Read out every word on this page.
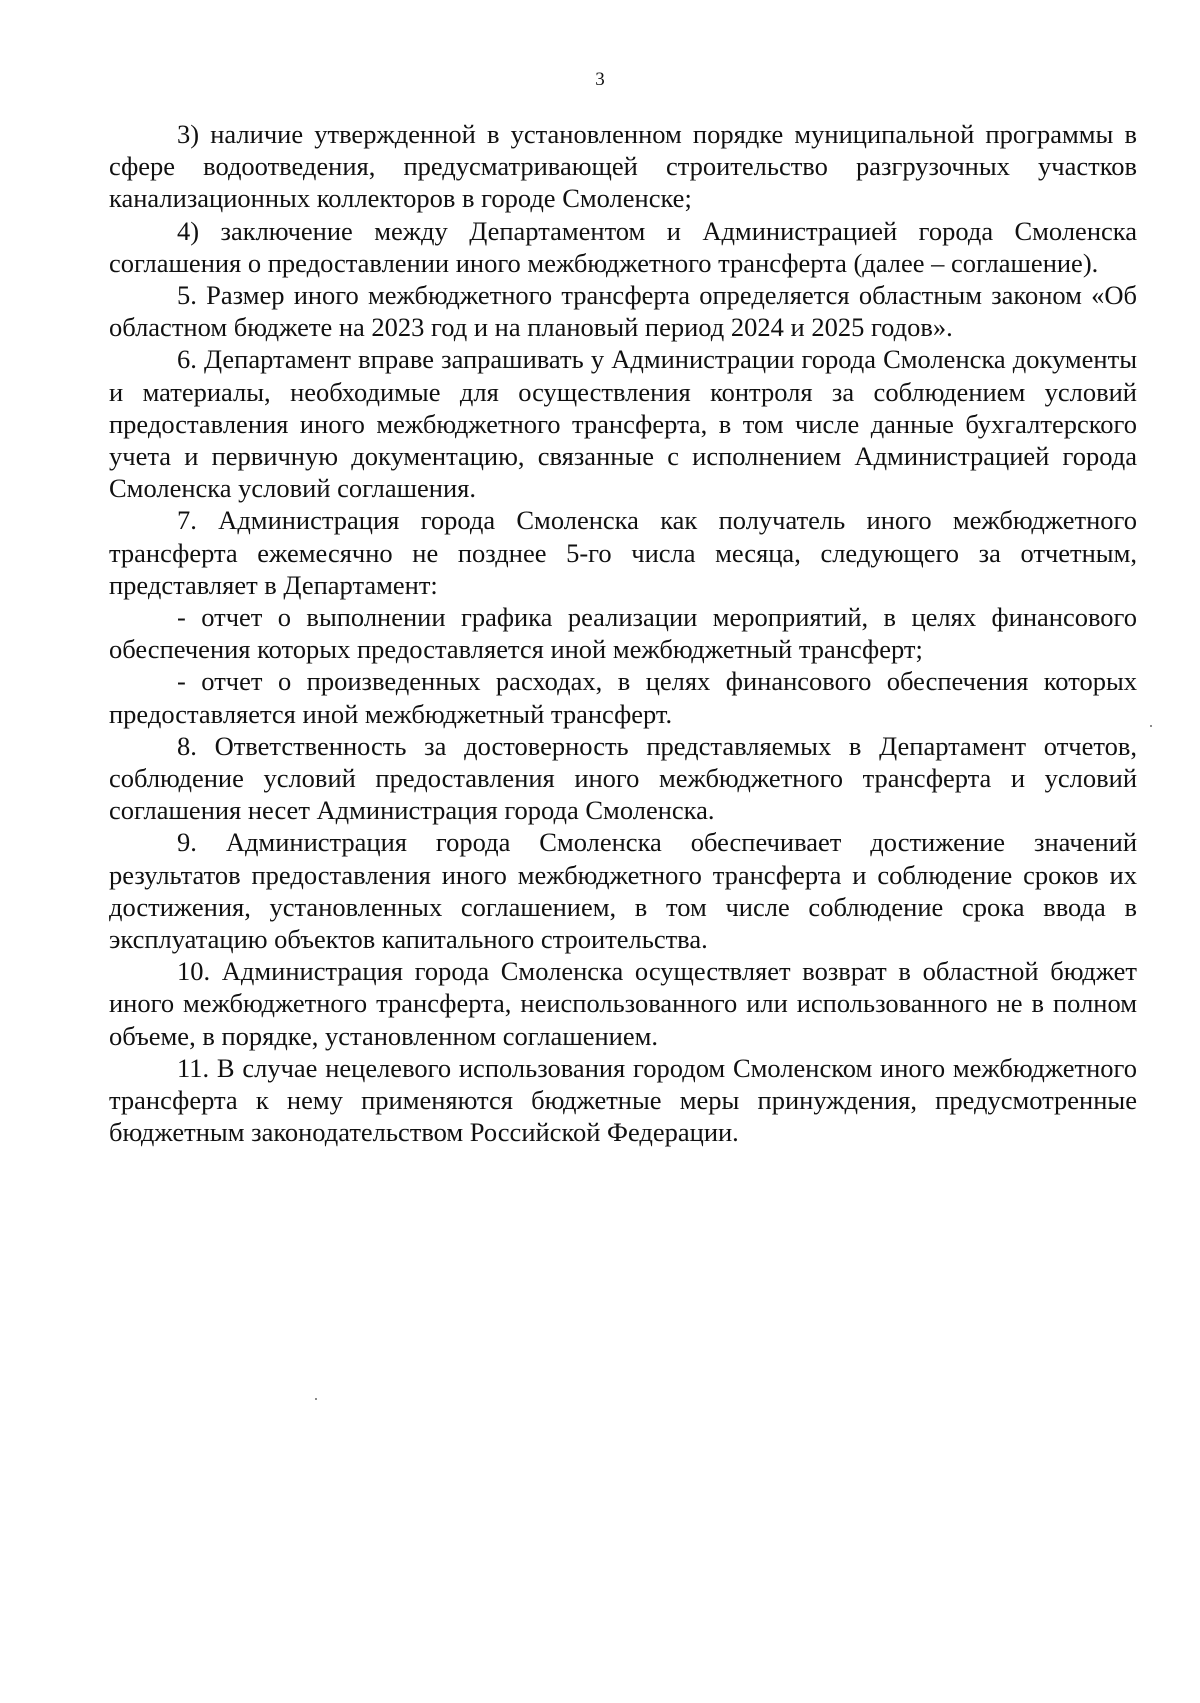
3

3) наличие утвержденной в установленном порядке муниципальной программы в сфере водоотведения, предусматривающей строительство разгрузочных участков канализационных коллекторов в городе Смоленске;

4) заключение между Департаментом и Администрацией города Смоленска соглашения о предоставлении иного межбюджетного трансферта (далее – соглашение).

5. Размер иного межбюджетного трансферта определяется областным законом «Об областном бюджете на 2023 год и на плановый период 2024 и 2025 годов».

6. Департамент вправе запрашивать у Администрации города Смоленска документы и материалы, необходимые для осуществления контроля за соблюдением условий предоставления иного межбюджетного трансферта, в том числе данные бухгалтерского учета и первичную документацию, связанные с исполнением Администрацией города Смоленска условий соглашения.

7. Администрация города Смоленска как получатель иного межбюджетного трансферта ежемесячно не позднее 5-го числа месяца, следующего за отчетным, представляет в Департамент:

- отчет о выполнении графика реализации мероприятий, в целях финансового обеспечения которых предоставляется иной межбюджетный трансферт;

- отчет о произведенных расходах, в целях финансового обеспечения которых предоставляется иной межбюджетный трансферт.

8. Ответственность за достоверность представляемых в Департамент отчетов, соблюдение условий предоставления иного межбюджетного трансферта и условий соглашения несет Администрация города Смоленска.

9. Администрация города Смоленска обеспечивает достижение значений результатов предоставления иного межбюджетного трансферта и соблюдение сроков их достижения, установленных соглашением, в том числе соблюдение срока ввода в эксплуатацию объектов капитального строительства.

10. Администрация города Смоленска осуществляет возврат в областной бюджет иного межбюджетного трансферта, неиспользованного или использованного не в полном объеме, в порядке, установленном соглашением.

11. В случае нецелевого использования городом Смоленском иного межбюджетного трансферта к нему применяются бюджетные меры принуждения, предусмотренные бюджетным законодательством Российской Федерации.
